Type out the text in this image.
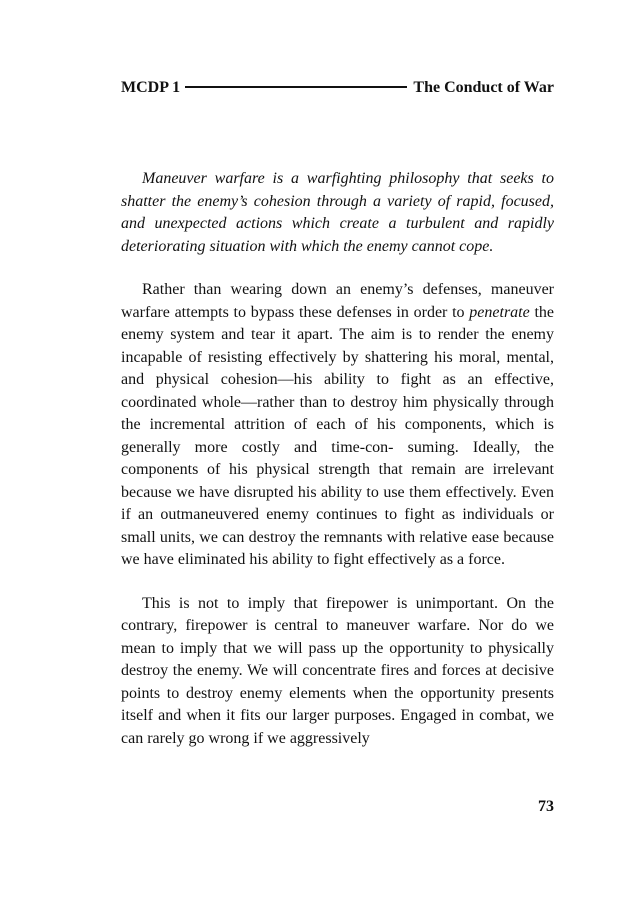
MCDP 1	The Conduct of War

Maneuver warfare is a warfighting philosophy that seeks to shatter the enemy’s cohesion through a variety of rapid, focused, and unexpected actions which create a turbulent and rapidly deteriorating situation with which the enemy cannot cope.

Rather than wearing down an enemy’s defenses, maneuver warfare attempts to bypass these defenses in order to penetrate the enemy system and tear it apart. The aim is to render the enemy incapable of resisting effectively by shattering his moral, mental, and physical cohesion—his ability to fight as an effective, coordinated whole—rather than to destroy him physically through the incremental attrition of each of his components, which is generally more costly and time-con- suming. Ideally, the components of his physical strength that remain are irrelevant because we have disrupted his ability to use them effectively. Even if an outmaneuvered enemy continues to fight as individuals or small units, we can destroy the remnants with relative ease because we have eliminated his ability to fight effectively as a force.

This is not to imply that firepower is unimportant. On the contrary, firepower is central to maneuver warfare. Nor do we mean to imply that we will pass up the opportunity to physically destroy the enemy. We will concentrate fires and forces at decisive points to destroy enemy elements when the opportunity presents itself and when it fits our larger purposes. Engaged in combat, we can rarely go wrong if we aggressively

73
